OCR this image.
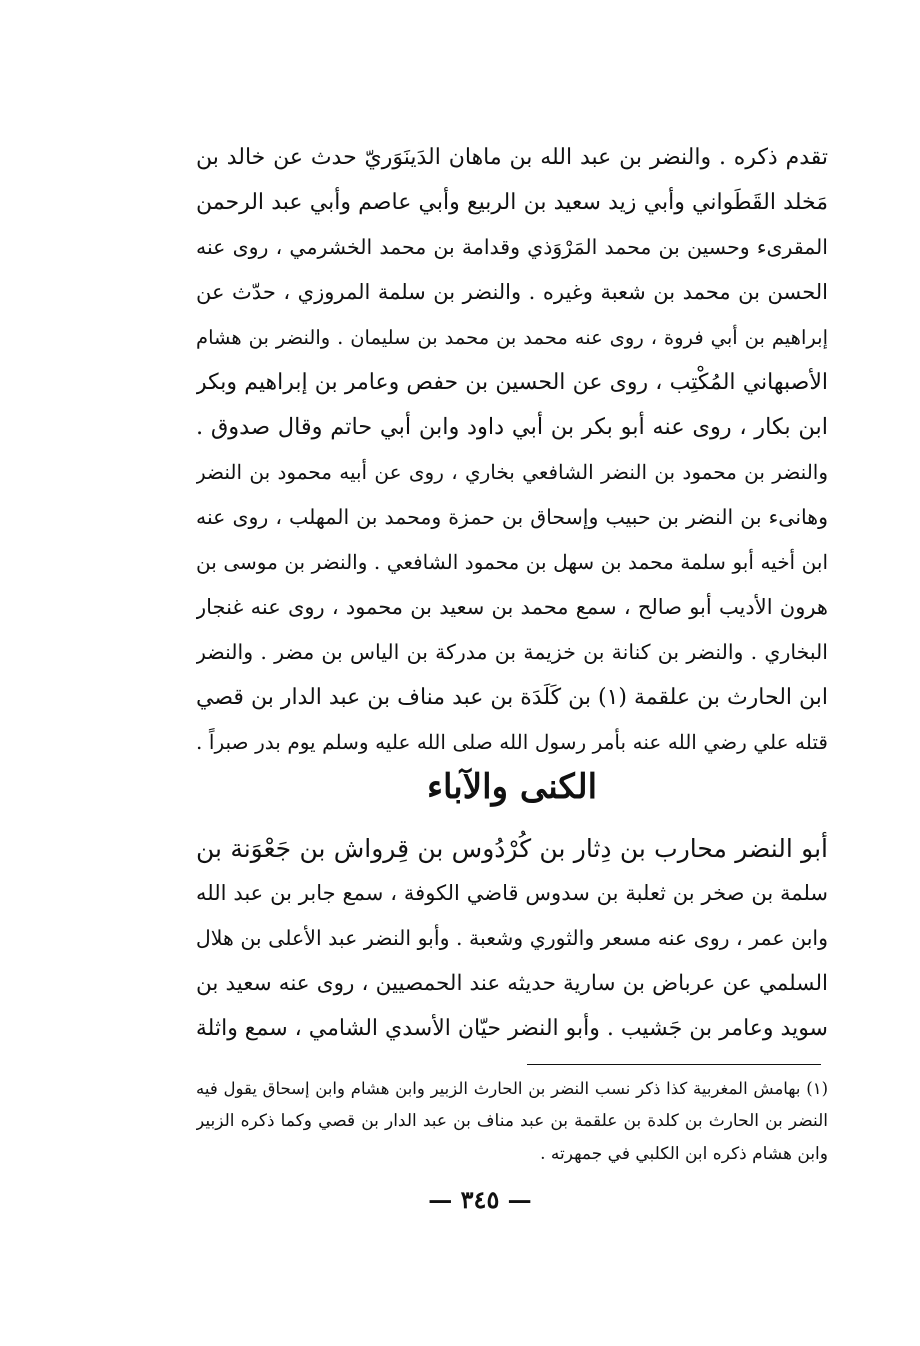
تقدم ذكره . والنضر بن عبد الله بن ماهان الدَينَوَريّ حدث عن خالد بن
مَخلد القَطَواني وأبي زيد سعيد بن الربيع وأبي عاصم وأبي عبد الرحمن
المقرىء وحسين بن محمد المَرْوَذي وقدامة بن محمد الخشرمي ، روى عنه
الحسن بن محمد بن شعبة وغيره . والنضر بن سلمة المروزي ، حدّث عن
إبراهيم بن أبي فروة ، روى عنه محمد بن محمد بن سليمان . والنضر بن هشام
الأصبهاني المُكْتِب ، روى عن الحسين بن حفص وعامر بن إبراهيم وبكر
ابن بكار ، روى عنه أبو بكر بن أبي داود وابن أبي حاتم وقال صدوق .
والنضر بن محمود بن النضر الشافعي بخاري ، روى عن أبيه محمود بن النضر
وهانىء بن النضر بن حبيب وإسحاق بن حمزة ومحمد بن المهلب ، روى عنه
ابن أخيه أبو سلمة محمد بن سهل بن محمود الشافعي . والنضر بن موسى بن
هرون الأديب أبو صالح ، سمع محمد بن سعيد بن محمود ، روى عنه غنجار
البخاري . والنضر بن كنانة بن خزيمة بن مدركة بن الياس بن مضر . والنضر
ابن الحارث بن علقمة (١) بن كَلَدَة بن عبد مناف بن عبد الدار بن قصي
قتله علي رضي الله عنه بأمر رسول الله صلى الله عليه وسلم يوم بدر صبراً .
الكنى والآباء
أبو النضر محارب بن دِثار بن كُرْدُوس بن قِرواش بن جَعْوَنة بن
سلمة بن صخر بن ثعلبة بن سدوس قاضي الكوفة ، سمع جابر بن عبد الله
وابن عمر ، روى عنه مسعر والثوري وشعبة . وأبو النضر عبد الأعلى بن هلال
السلمي عن عرباض بن سارية حديثه عند الحمصيين ، روى عنه سعيد بن
سويد وعامر بن جَشيب . وأبو النضر حيّان الأسدي الشامي ، سمع واثلة
(١) بهامش المغربية كذا ذكر نسب النضر بن الحارث الزبير وابن هشام وابن إسحاق يقول فيه
النضر بن الحارث بن كلدة بن علقمة بن عبد مناف بن عبد الدار بن قصي وكما ذكره الزبير
وابن هشام ذكره ابن الكلبي في جمهرته .
— ٣٤٥ —
